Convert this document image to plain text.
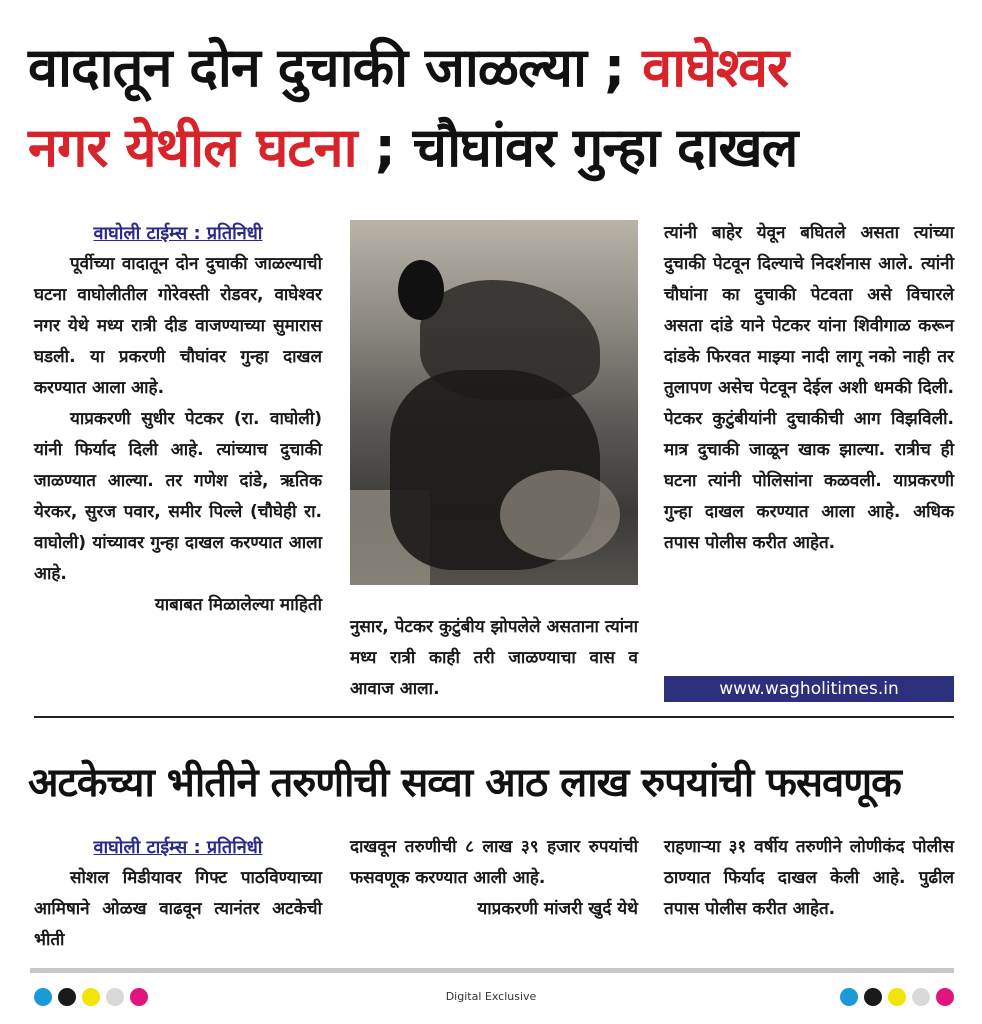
वादातून दोन दुचाकी जाळल्या ; वाघेश्वर
नगर येथील घटना ; चौघांवर गुन्हा दाखल
वाघोली टाईम्स : प्रतिनिधी

पूर्वीच्या वादातून दोन दुचाकी जाळल्याची घटना वाघोलीतील गोरेवस्ती रोडवर, वाघेश्वर नगर येथे मध्य रात्री दीड वाजण्याच्या सुमारास घडली. या प्रकरणी चौघांवर गुन्हा दाखल करण्यात आला आहे.

याप्रकरणी सुधीर पेटकर (रा. वाघोली) यांनी फिर्याद दिली आहे. त्यांच्याच दुचाकी जाळण्यात आल्या. तर गणेश दांडे, ऋतिक येरकर, सुरज पवार, समीर पिल्ले (चौघेही रा. वाघोली) यांच्यावर गुन्हा दाखल करण्यात आला आहे.

याबाबत मिळालेल्या माहिती

नुसार, पेटकर कुटुंबीय झोपलेले असताना त्यांना मध्य रात्री काही तरी जाळण्याचा वास व आवाज आला.

त्यांनी बाहेर येवून बघितले असता त्यांच्या दुचाकी पेटवून दिल्याचे निदर्शनास आले. त्यांनी चौघांना का दुचाकी पेटवता असे विचारले असता दांडे याने पेटकर यांना शिवीगाळ करून दांडके फिरवत माझ्या नादी लागू नको नाही तर तुलापण असेच पेटवून देईल अशी धमकी दिली. पेटकर कुटुंबीयांनी दुचाकीची आग विझविली. मात्र दुचाकी जाळून खाक झाल्या. रात्रीच ही घटना त्यांनी पोलिसांना कळवली. याप्रकरणी गुन्हा दाखल करण्यात आला आहे. अधिक तपास पोलीस करीत आहेत.

www.wagholitimes.in
अटकेच्या भीतीने तरुणीची सव्वा आठ लाख रुपयांची फसवणूक
वाघोली टाईम्स : प्रतिनिधी

सोशल मिडीयावर गिफ्ट पाठविण्याच्या आमिषाने ओळख वाढवून त्यानंतर अटकेची भीती

दाखवून तरुणीची ८ लाख ३९ हजार रुपयांची फसवणूक करण्यात आली आहे.

याप्रकरणी मांजरी खुर्द येथे

राहणाऱ्या ३१ वर्षीय तरुणीने लोणीकंद पोलीस ठाण्यात फिर्याद दाखल केली आहे. पुढील तपास पोलीस करीत आहेत.

Digital Exclusive
